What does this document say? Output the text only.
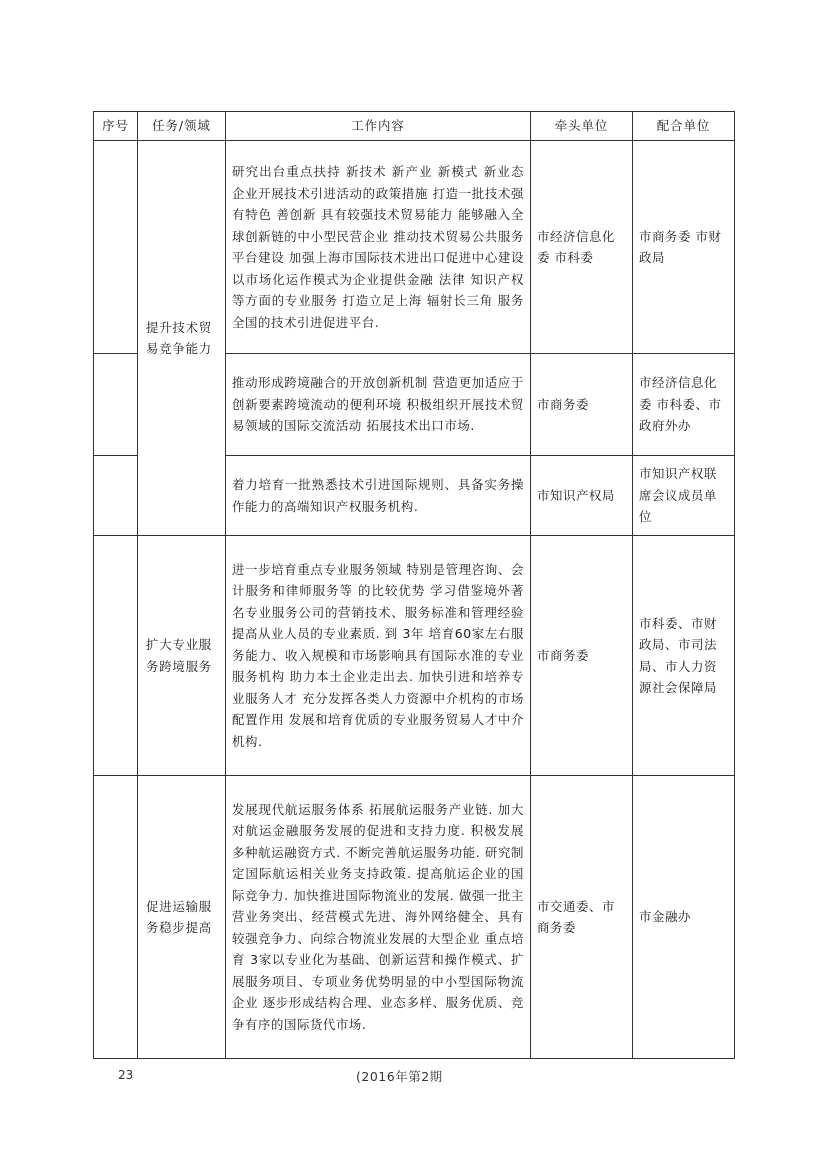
序号	任务/领域	工作内容	牵头单位	配合单位
	提升技术贸易竞争能力	研究出台重点扶持 新技术 新产业 新模式 新业态 企业开展技术引进活动的政策措施 打造一批技术强 有特色 善创新 具有较强技术贸易能力 能够融入全球创新链的中小型民营企业 推动技术贸易公共服务平台建设 加强上海市国际技术进出口促进中心建设 以市场化运作模式为企业提供金融 法律 知识产权等方面的专业服务 打造立足上海 辐射长三角 服务全国的技术引进促进平台.	市经济信息化委 市科委	市商务委 市财政局
		推动形成跨境融合的开放创新机制 营造更加适应于创新要素跨境流动的便利环境 积极组织开展技术贸易领域的国际交流活动 拓展技术出口市场.	市商务委	市经济信息化委 市科委、市政府外办
		着力培育一批熟悉技术引进国际规则、具备实务操作能力的高端知识产权服务机构.	市知识产权局	市知识产权联席会议成员单位
	扩大专业服务跨境服务	进一步培育重点专业服务领域 特别是管理咨询、会计服务和律师服务等 的比较优势 学习借鉴境外著名专业服务公司的营销技术、服务标准和管理经验 提高从业人员的专业素质. 到 3年 培育60家左右服务能力、收入规模和市场影响具有国际水准的专业服务机构 助力本土企业走出去. 加快引进和培养专业服务人才 充分发挥各类人力资源中介机构的市场配置作用 发展和培育优质的专业服务贸易人才中介机构.	市商务委	市科委、市财政局、市司法局、市人力资源社会保障局
	促进运输服务稳步提高	发展现代航运服务体系 拓展航运服务产业链. 加大对航运金融服务发展的促进和支持力度. 积极发展多种航运融资方式. 不断完善航运服务功能. 研究制定国际航运相关业务支持政策. 提高航运企业的国际竞争力. 加快推进国际物流业的发展. 做强一批主营业务突出、经营模式先进、海外网络健全、具有较强竞争力、向综合物流业发展的大型企业 重点培育 3家以专业化为基础、创新运营和操作模式、扩展服务项目、专项业务优势明显的中小型国际物流企业 逐步形成结构合理、业态多样、服务优质、竞争有序的国际货代市场.	市交通委、市商务委	市金融办
23	(2016年第2期
